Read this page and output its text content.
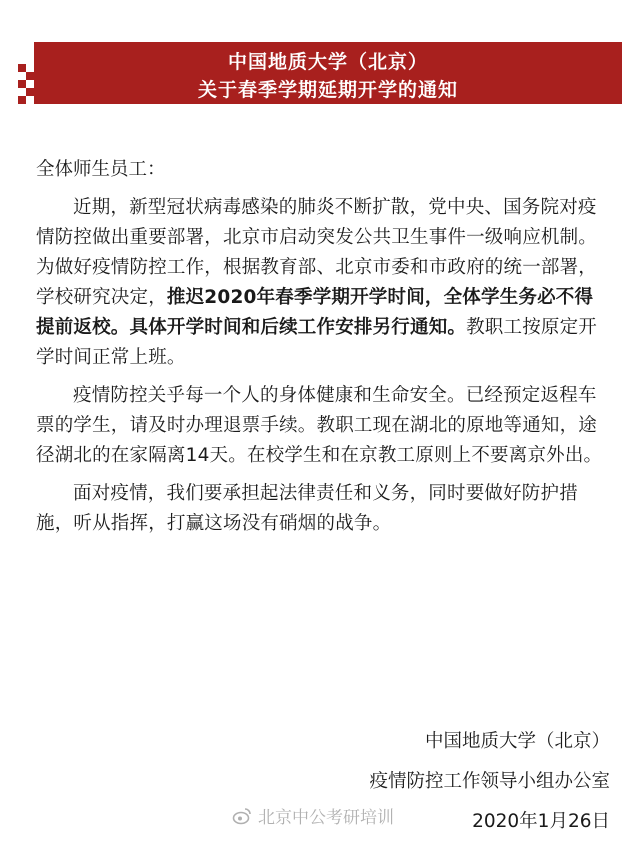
中国地质大学（北京）
关于春季学期延期开学的通知

全体师生员工：

近期，新型冠状病毒感染的肺炎不断扩散，党中央、国务院对疫情防控做出重要部署，北京市启动突发公共卫生事件一级响应机制。为做好疫情防控工作，根据教育部、北京市委和市政府的统一部署，学校研究决定，推迟2020年春季学期开学时间，全体学生务必不得提前返校。具体开学时间和后续工作安排另行通知。教职工按原定开学时间正常上班。

疫情防控关乎每一个人的身体健康和生命安全。已经预定返程车票的学生，请及时办理退票手续。教职工现在湖北的原地等通知，途径湖北的在家隔离14天。在校学生和在京教工原则上不要离京外出。

面对疫情，我们要承担起法律责任和义务，同时要做好防护措施，听从指挥，打赢这场没有硝烟的战争。

中国地质大学（北京）
疫情防控工作领导小组办公室
2020年1月26日
北京中公考研培训
